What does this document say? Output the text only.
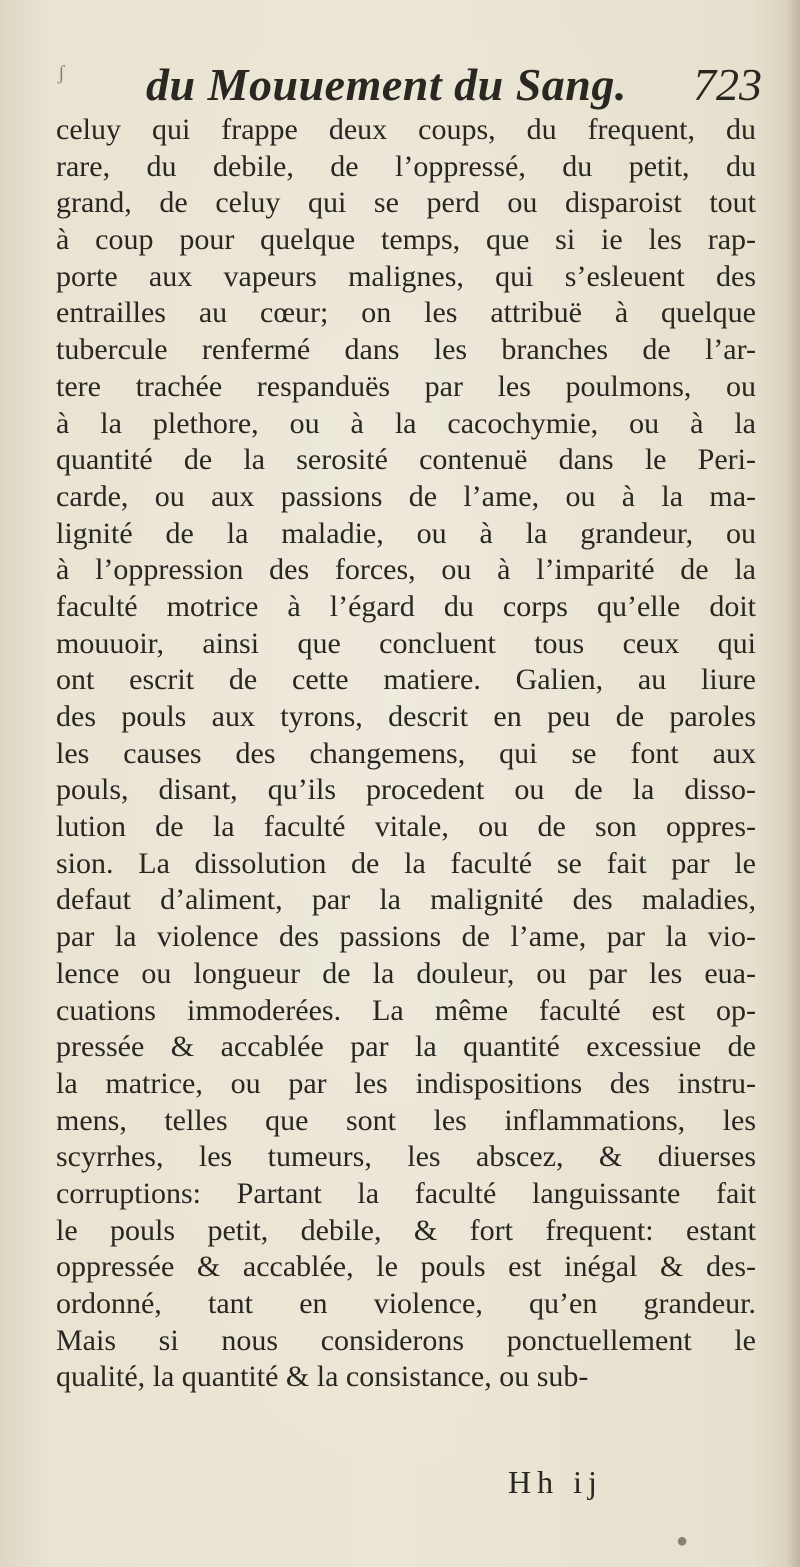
du Mouuement du Sang. 723
celuy qui frappe deux coups, du frequent, du
rare, du debile, de l’oppressé, du petit, du
grand, de celuy qui se perd ou disparoist tout
à coup pour quelque temps, que si ie les rap-
porte aux vapeurs malignes, qui s’esleuent des
entrailles au cœur; on les attribuë à quelque
tubercule renfermé dans les branches de l’ar-
tere trachée respanduës par les poulmons, ou
à la plethore, ou à la cacochymie, ou à la
quantité de la serosité contenuë dans le Peri-
carde, ou aux passions de l’ame, ou à la ma-
lignité de la maladie, ou à la grandeur, ou
à l’oppression des forces, ou à l’imparité de la
faculté motrice à l’égard du corps qu’elle doit
mouuoir, ainsi que concluent tous ceux qui
ont escrit de cette matiere. Galien, au liure
des pouls aux tyrons, descrit en peu de paroles
les causes des changemens, qui se font aux
pouls, disant, qu’ils procedent ou de la disso-
lution de la faculté vitale, ou de son oppres-
sion. La dissolution de la faculté se fait par le
defaut d’aliment, par la malignité des maladies,
par la violence des passions de l’ame, par la vio-
lence ou longueur de la douleur, ou par les eua-
cuations immoderées. La même faculté est op-
pressée & accablée par la quantité excessiue de
la matrice, ou par les indispositions des instru-
mens, telles que sont les inflammations, les
scyrrhes, les tumeurs, les abscez, & diuerses
corruptions: Partant la faculté languissante fait
le pouls petit, debile, & fort frequent: estant
oppressée & accablée, le pouls est inégal & des-
ordonné, tant en violence, qu’en grandeur.
Mais si nous considerons ponctuellement le
qualité, la quantité & la consistance, ou sub-
Hh ij
ʃ
●
